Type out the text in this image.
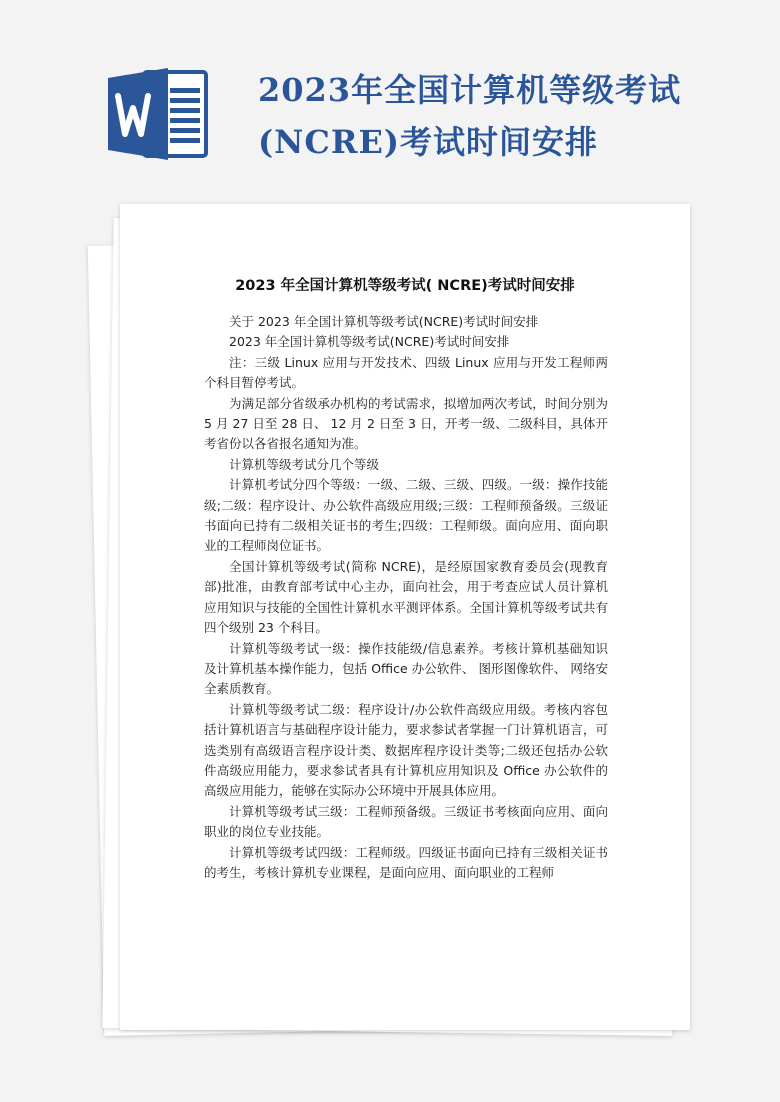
2023年全国计算机等级考试(NCRE)考试时间安排
2023 年全国计算机等级考试( NCRE)考试时间安排

关于 2023 年全国计算机等级考试(NCRE)考试时间安排

2023 年全国计算机等级考试(NCRE)考试时间安排

注：三级 Linux 应用与开发技术、四级 Linux 应用与开发工程师两个科目暂停考试。

为满足部分省级承办机构的考试需求，拟增加两次考试，时间分别为 5 月 27 日至 28 日、 12 月 2 日至 3 日，开考一级、二级科目，具体开考省份以各省报名通知为准。

计算机等级考试分几个等级

计算机考试分四个等级：一级、二级、三级、四级。一级：操作技能级;二级：程序设计、办公软件高级应用级;三级：工程师预备级。三级证书面向已持有二级相关证书的考生;四级：工程师级。面向应用、面向职业的工程师岗位证书。

全国计算机等级考试(简称 NCRE)，是经原国家教育委员会(现教育部)批准，由教育部考试中心主办，面向社会，用于考查应试人员计算机应用知识与技能的全国性计算机水平测评体系。全国计算机等级考试共有四个级别 23 个科目。

计算机等级考试一级：操作技能级/信息素养。考核计算机基础知识及计算机基本操作能力，包括 Office 办公软件、 图形图像软件、 网络安全素质教育。

计算机等级考试二级：程序设计/办公软件高级应用级。考核内容包括计算机语言与基础程序设计能力，要求参试者掌握一门计算机语言，可选类别有高级语言程序设计类、数据库程序设计类等;二级还包括办公软件高级应用能力，要求参试者具有计算机应用知识及 Office 办公软件的高级应用能力，能够在实际办公环境中开展具体应用。

计算机等级考试三级：工程师预备级。三级证书考核面向应用、面向职业的岗位专业技能。

计算机等级考试四级：工程师级。四级证书面向已持有三级相关证书的考生，考核计算机专业课程，是面向应用、面向职业的工程师
